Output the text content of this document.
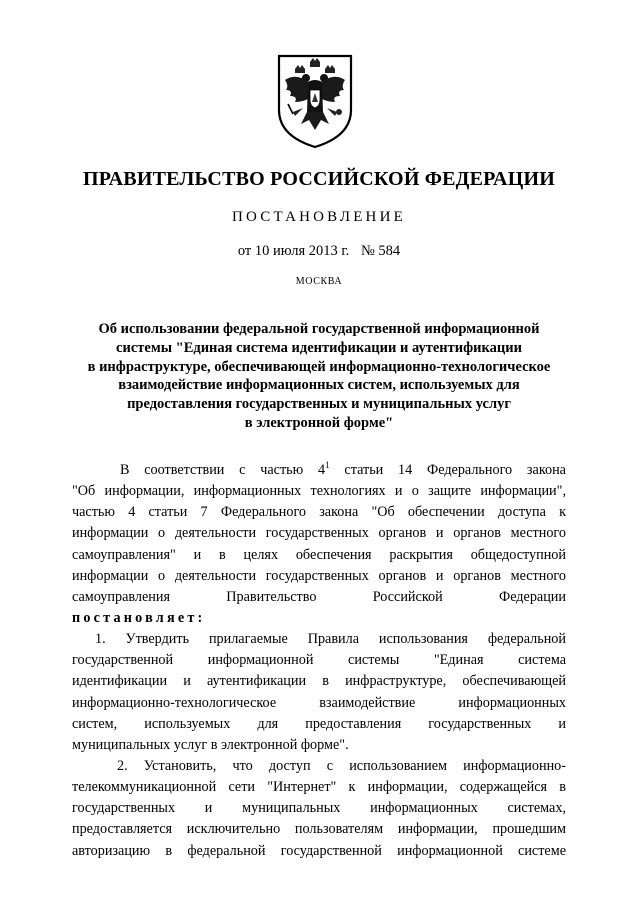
ПРАВИТЕЛЬСТВО РОССИЙСКОЙ ФЕДЕРАЦИИ
ПОСТАНОВЛЕНИЕ
от 10 июля 2013 г. № 584
МОСКВА
Об использовании федеральной государственной информационной
системы "Единая система идентификации и аутентификации
в инфраструктуре, обеспечивающей информационно-технологическое
взаимодействие информационных систем, используемых для
предоставления государственных и муниципальных услуг
в электронной форме"
В соответствии с частью $4^1$ статьи 14 Федерального закона
"Об информации, информационных технологиях и о защите информации",
частью 4 статьи 7 Федерального закона "Об обеспечении доступа к
информации о деятельности государственных органов и органов местного
самоуправления" и в целях обеспечения раскрытия общедоступной
информации о деятельности государственных органов и органов местного
самоуправления Правительство Российской Федерации
постановляет:
1. Утвердить прилагаемые Правила использования федеральной
государственной информационной системы "Единая система
идентификации и аутентификации в инфраструктуре, обеспечивающей
информационно-технологическое взаимодействие информационных
систем, используемых для предоставления государственных и
муниципальных услуг в электронной форме".
2. Установить, что доступ с использованием информационно-
телекоммуникационной сети "Интернет" к информации, содержащейся в
государственных и муниципальных информационных системах,
предоставляется исключительно пользователям информации, прошедшим
авторизацию в федеральной государственной информационной системе
